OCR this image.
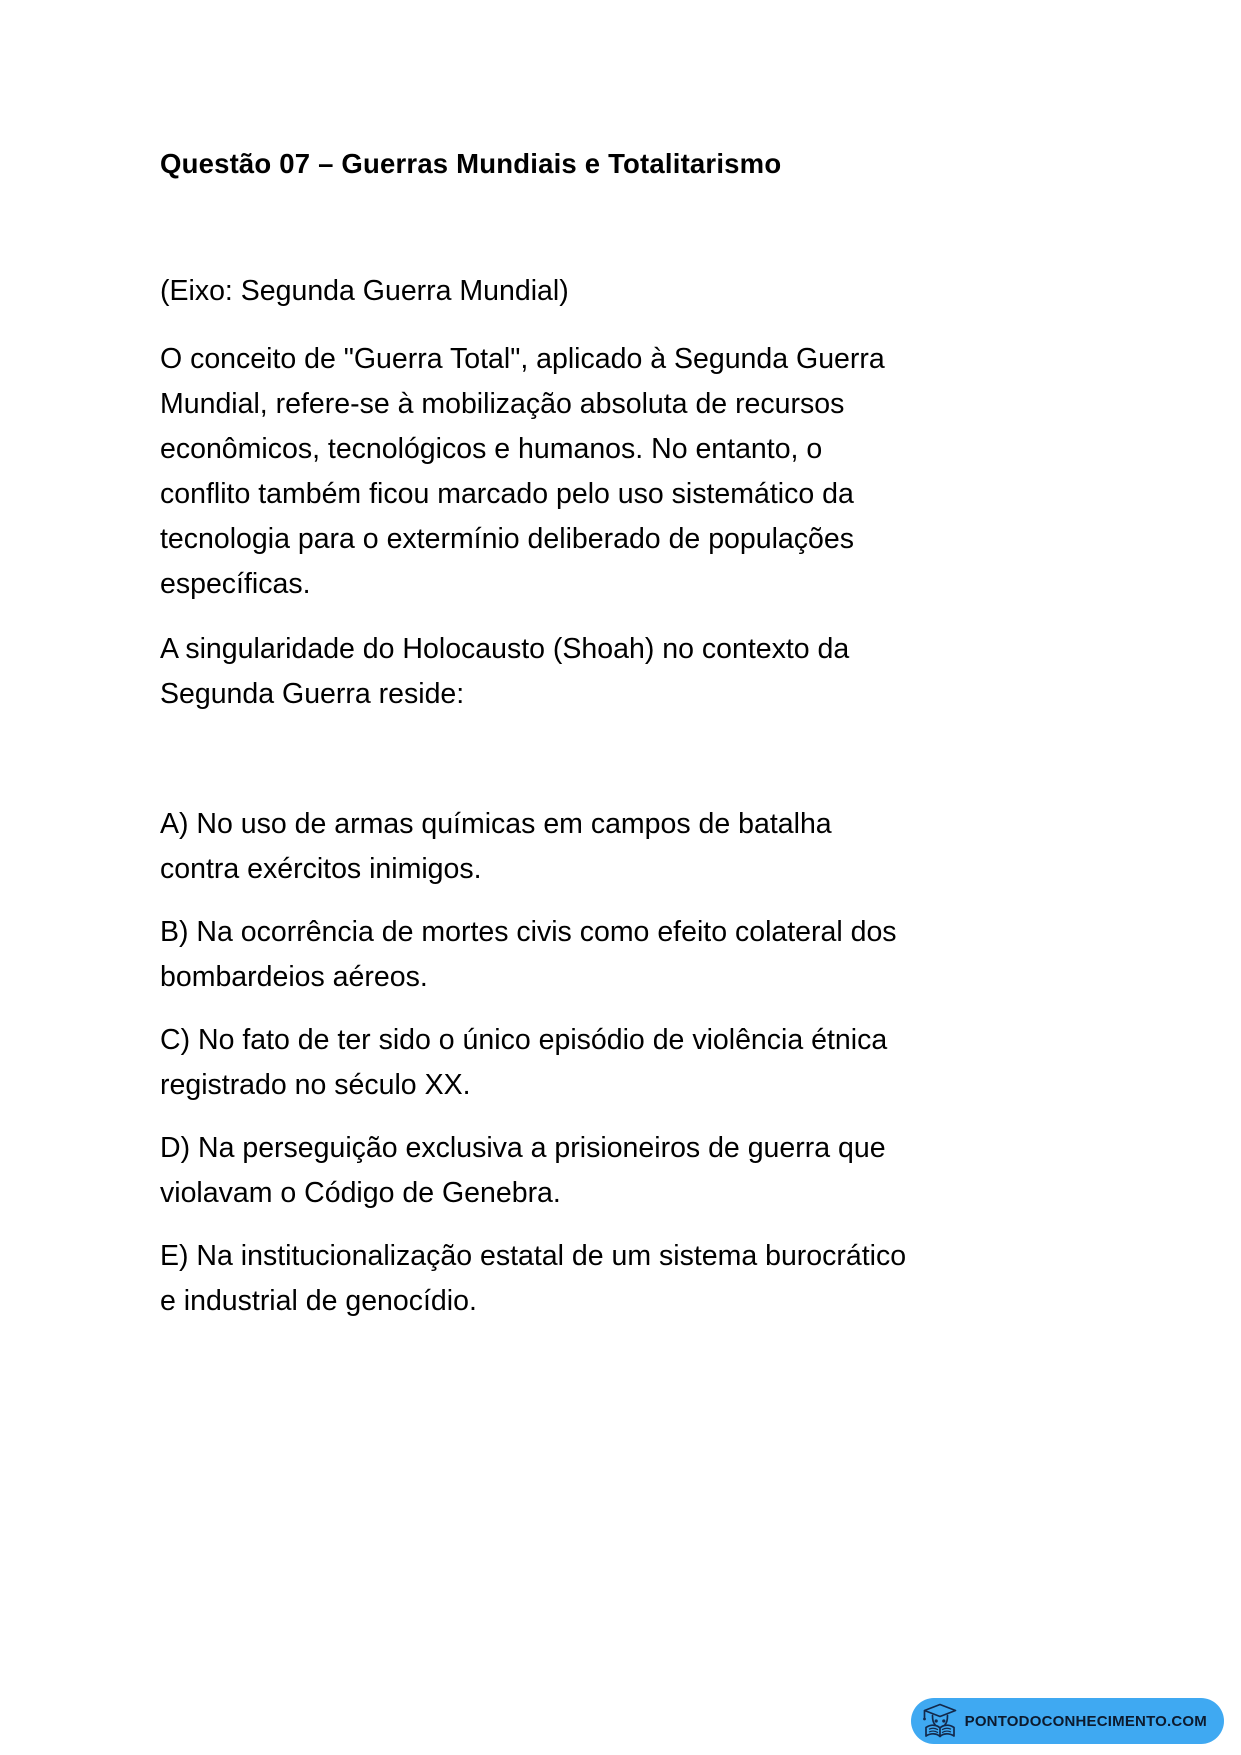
Questão 07 – Guerras Mundiais e Totalitarismo

(Eixo: Segunda Guerra Mundial)

O conceito de "Guerra Total", aplicado à Segunda Guerra
Mundial, refere-se à mobilização absoluta de recursos
econômicos, tecnológicos e humanos. No entanto, o
conflito também ficou marcado pelo uso sistemático da
tecnologia para o extermínio deliberado de populações
específicas.

A singularidade do Holocausto (Shoah) no contexto da
Segunda Guerra reside:

A) No uso de armas químicas em campos de batalha
contra exércitos inimigos.

B) Na ocorrência de mortes civis como efeito colateral dos
bombardeios aéreos.

C) No fato de ter sido o único episódio de violência étnica
registrado no século XX.

D) Na perseguição exclusiva a prisioneiros de guerra que
violavam o Código de Genebra.

E) Na institucionalização estatal de um sistema burocrático
e industrial de genocídio.

PONTODOCONHECIMENTO.COM
